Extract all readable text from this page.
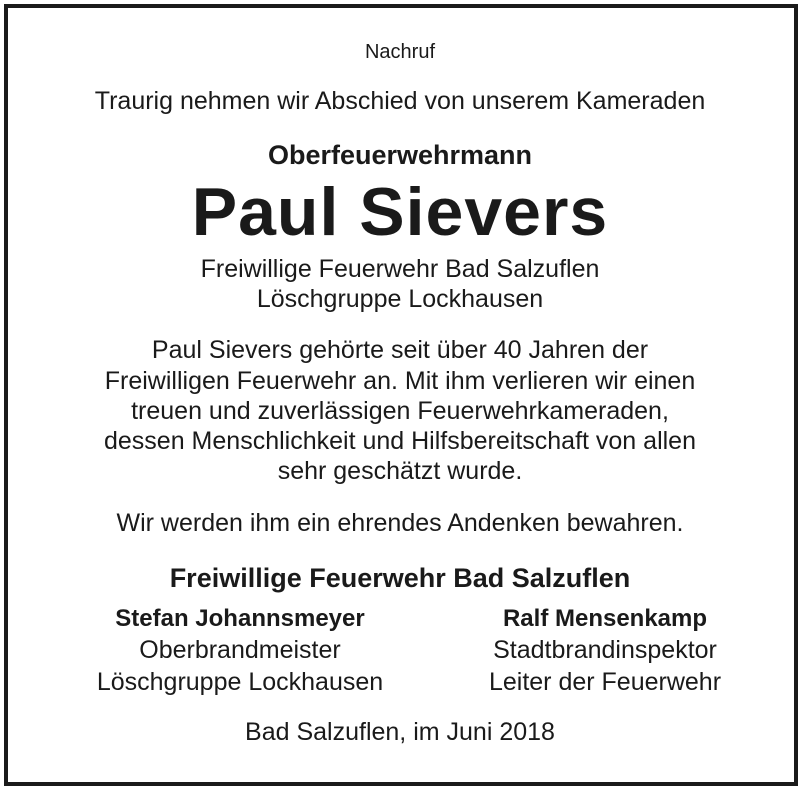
Nachruf
Traurig nehmen wir Abschied von unserem Kameraden
Oberfeuerwehrmann
Paul Sievers
Freiwillige Feuerwehr Bad Salzuflen
Löschgruppe Lockhausen
Paul Sievers gehörte seit über 40 Jahren der
Freiwilligen Feuerwehr an. Mit ihm verlieren wir einen
treuen und zuverlässigen Feuerwehrkameraden,
dessen Menschlichkeit und Hilfsbereitschaft von allen
sehr geschätzt wurde.
Wir werden ihm ein ehrendes Andenken bewahren.
Freiwillige Feuerwehr Bad Salzuflen
Stefan Johannsmeyer
Oberbrandmeister
Löschgruppe Lockhausen
Ralf Mensenkamp
Stadtbrandinspektor
Leiter der Feuerwehr
Bad Salzuflen, im Juni 2018
